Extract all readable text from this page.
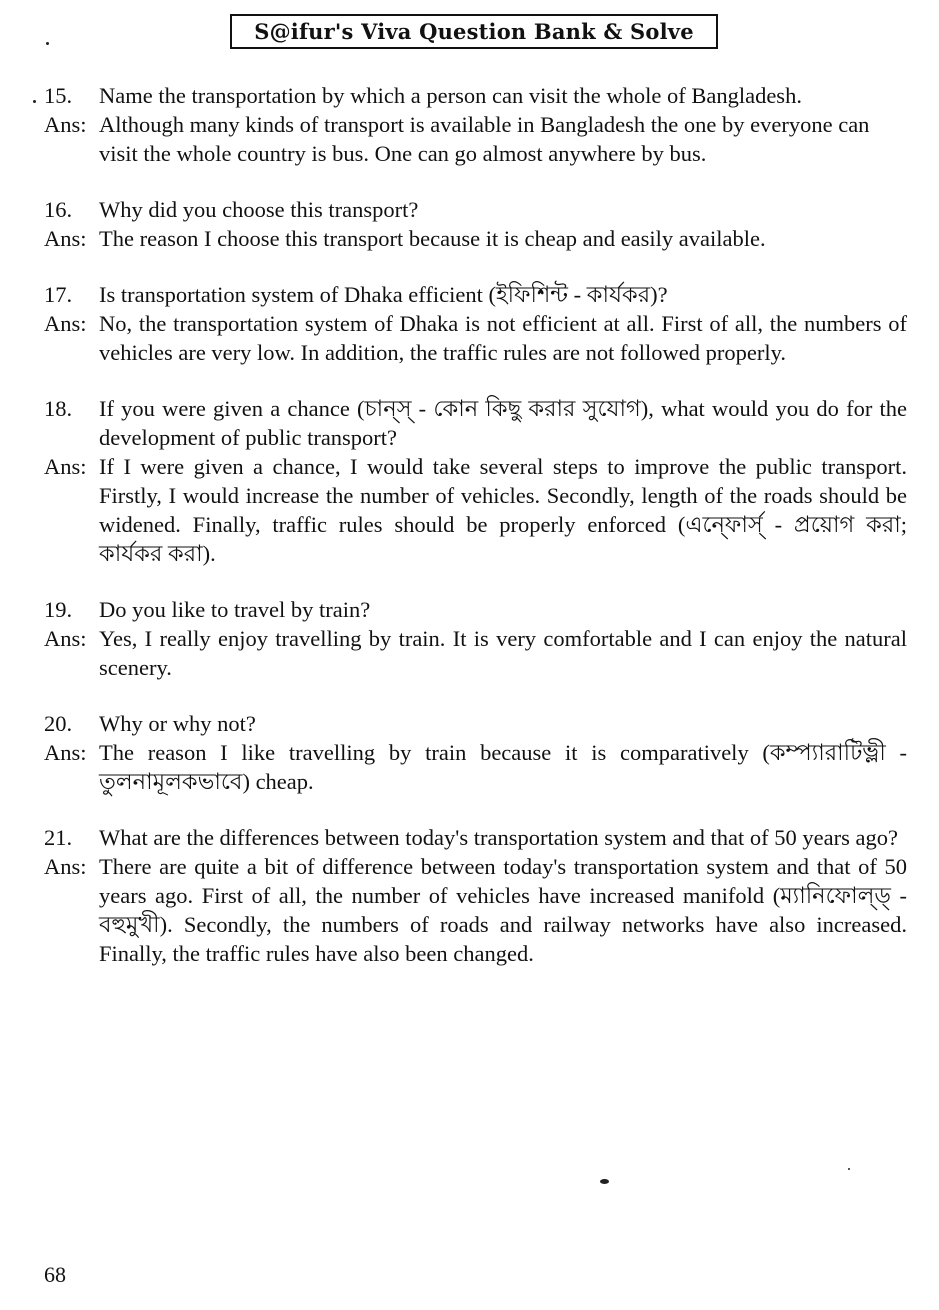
S@ifur's Viva Question Bank & Solve
15.	Name the transportation by which a person can visit the whole of Bangladesh.
Ans: Although many kinds of transport is available in Bangladesh the one by everyone can visit the whole country is bus. One can go almost anywhere by bus.
16.	Why did you choose this transport?
Ans: The reason I choose this transport because it is cheap and easily available.
17.	Is transportation system of Dhaka efficient (ইফিশিন্ট - কার্যকর)?
Ans: No, the transportation system of Dhaka is not efficient at all. First of all, the numbers of vehicles are very low. In addition, the traffic rules are not followed properly.
18.	If you were given a chance (চান্স্ - কোন কিছু করার সুযোগ), what would you do for the development of public transport?
Ans: If I were given a chance, I would take several steps to improve the public transport. Firstly, I would increase the number of vehicles. Secondly, length of the roads should be widened. Finally, traffic rules should be properly enforced (এন্ফোর্স্ - প্রয়োগ করা; কার্যকর করা).
19.	Do you like to travel by train?
Ans: Yes, I really enjoy travelling by train. It is very comfortable and I can enjoy the natural scenery.
20.	Why or why not?
Ans: The reason I like travelling by train because it is comparatively (কম্প্যারাটিভ্লী - তুলনামূলকভাবে) cheap.
21.	What are the differences between today's transportation system and that of 50 years ago?
Ans: There are quite a bit of difference between today's transportation system and that of 50 years ago. First of all, the number of vehicles have increased manifold (ম্যানিফোল্ড্ - বহুমুখী). Secondly, the numbers of roads and railway networks have also increased. Finally, the traffic rules have also been changed.
68
